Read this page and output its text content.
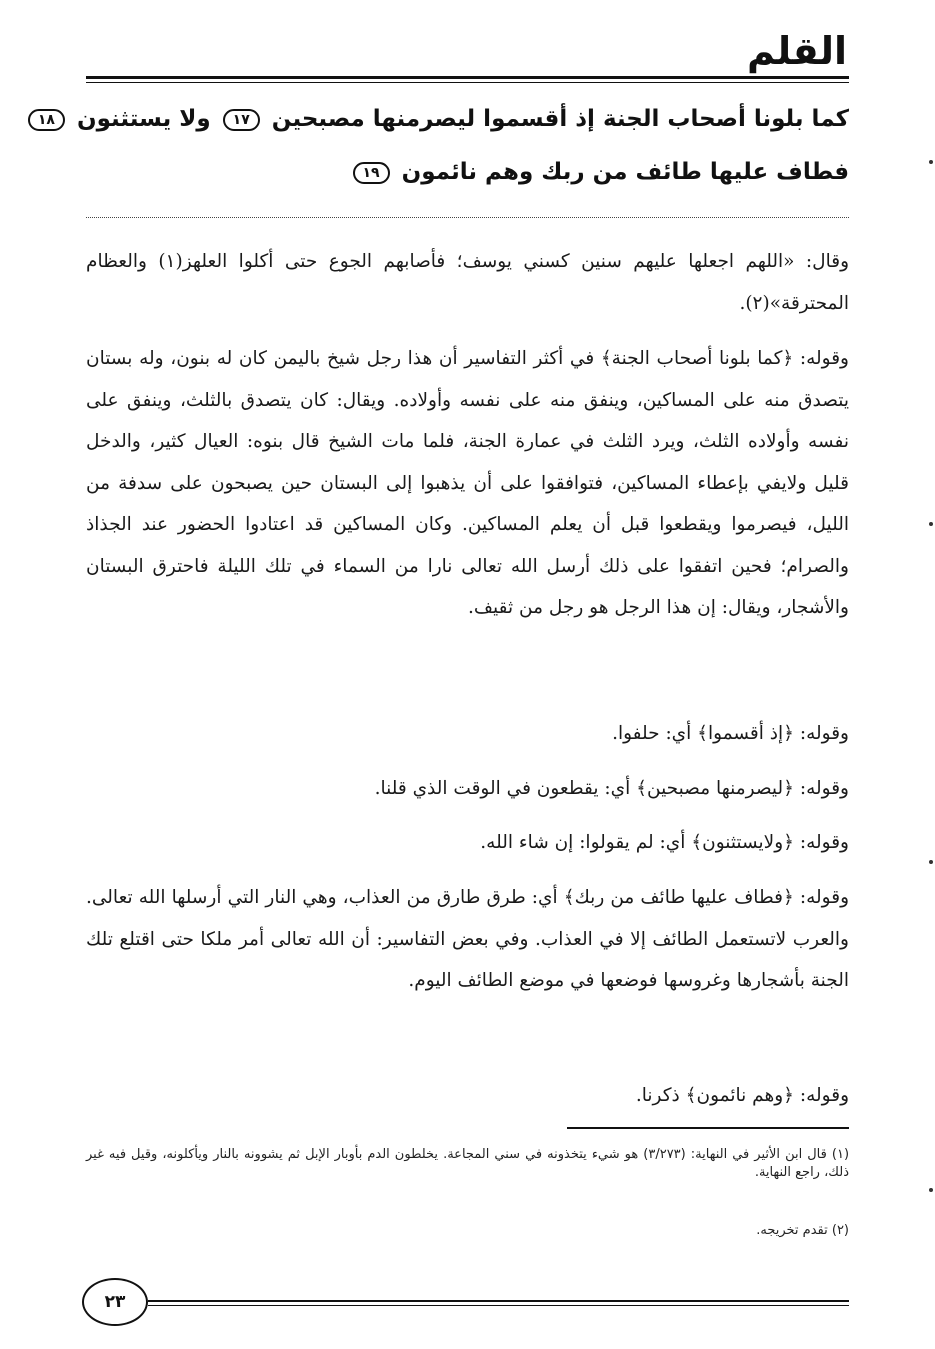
القلم
كما بلونا أصحاب الجنة إذ أقسموا ليصرمنها مصبحين ١٧ ولا يستثنون ١٨
فطاف عليها طائف من ربك وهم نائمون ١٩
وقال: «اللهم اجعلها عليهم سنين كسني يوسف؛ فأصابهم الجوع حتى أكلوا العلهز(١) والعظام المحترقة»(٢).
وقوله: ﴿كما بلونا أصحاب الجنة﴾ في أكثر التفاسير أن هذا رجل شيخ باليمن كان له بنون، وله بستان يتصدق منه على المساكين، وينفق منه على نفسه وأولاده. ويقال: كان يتصدق بالثلث، وينفق على نفسه وأولاده الثلث، ويرد الثلث في عمارة الجنة، فلما مات الشيخ قال بنوه: العيال كثير، والدخل قليل ولايفي بإعطاء المساكين، فتوافقوا على أن يذهبوا إلى البستان حين يصبحون على سدفة من الليل، فيصرموا ويقطعوا قبل أن يعلم المساكين. وكان المساكين قد اعتادوا الحضور عند الجذاذ والصرام؛ فحين اتفقوا على ذلك أرسل الله تعالى نارا من السماء في تلك الليلة فاحترق البستان والأشجار، ويقال: إن هذا الرجل هو رجل من ثقيف.
وقوله: ﴿إذ أقسموا﴾ أي: حلفوا.
وقوله: ﴿ليصرمنها مصبحين﴾ أي: يقطعون في الوقت الذي قلنا.
وقوله: ﴿ولايستثنون﴾ أي: لم يقولوا: إن شاء الله.
وقوله: ﴿فطاف عليها طائف من ربك﴾ أي: طرق طارق من العذاب، وهي النار التي أرسلها الله تعالى. والعرب لاتستعمل الطائف إلا في العذاب. وفي بعض التفاسير: أن الله تعالى أمر ملكا حتى اقتلع تلك الجنة بأشجارها وغروسها فوضعها في موضع الطائف اليوم.
وقوله: ﴿وهم نائمون﴾ ذكرنا.
(١) قال ابن الأثير في النهاية: (٣/٢٧٣) هو شيء يتخذونه في سني المجاعة. يخلطون الدم بأوبار الإبل ثم يشوونه بالنار ويأكلونه، وقيل فيه غير ذلك، راجع النهاية.
(٢) تقدم تخريجه.
٢٣
